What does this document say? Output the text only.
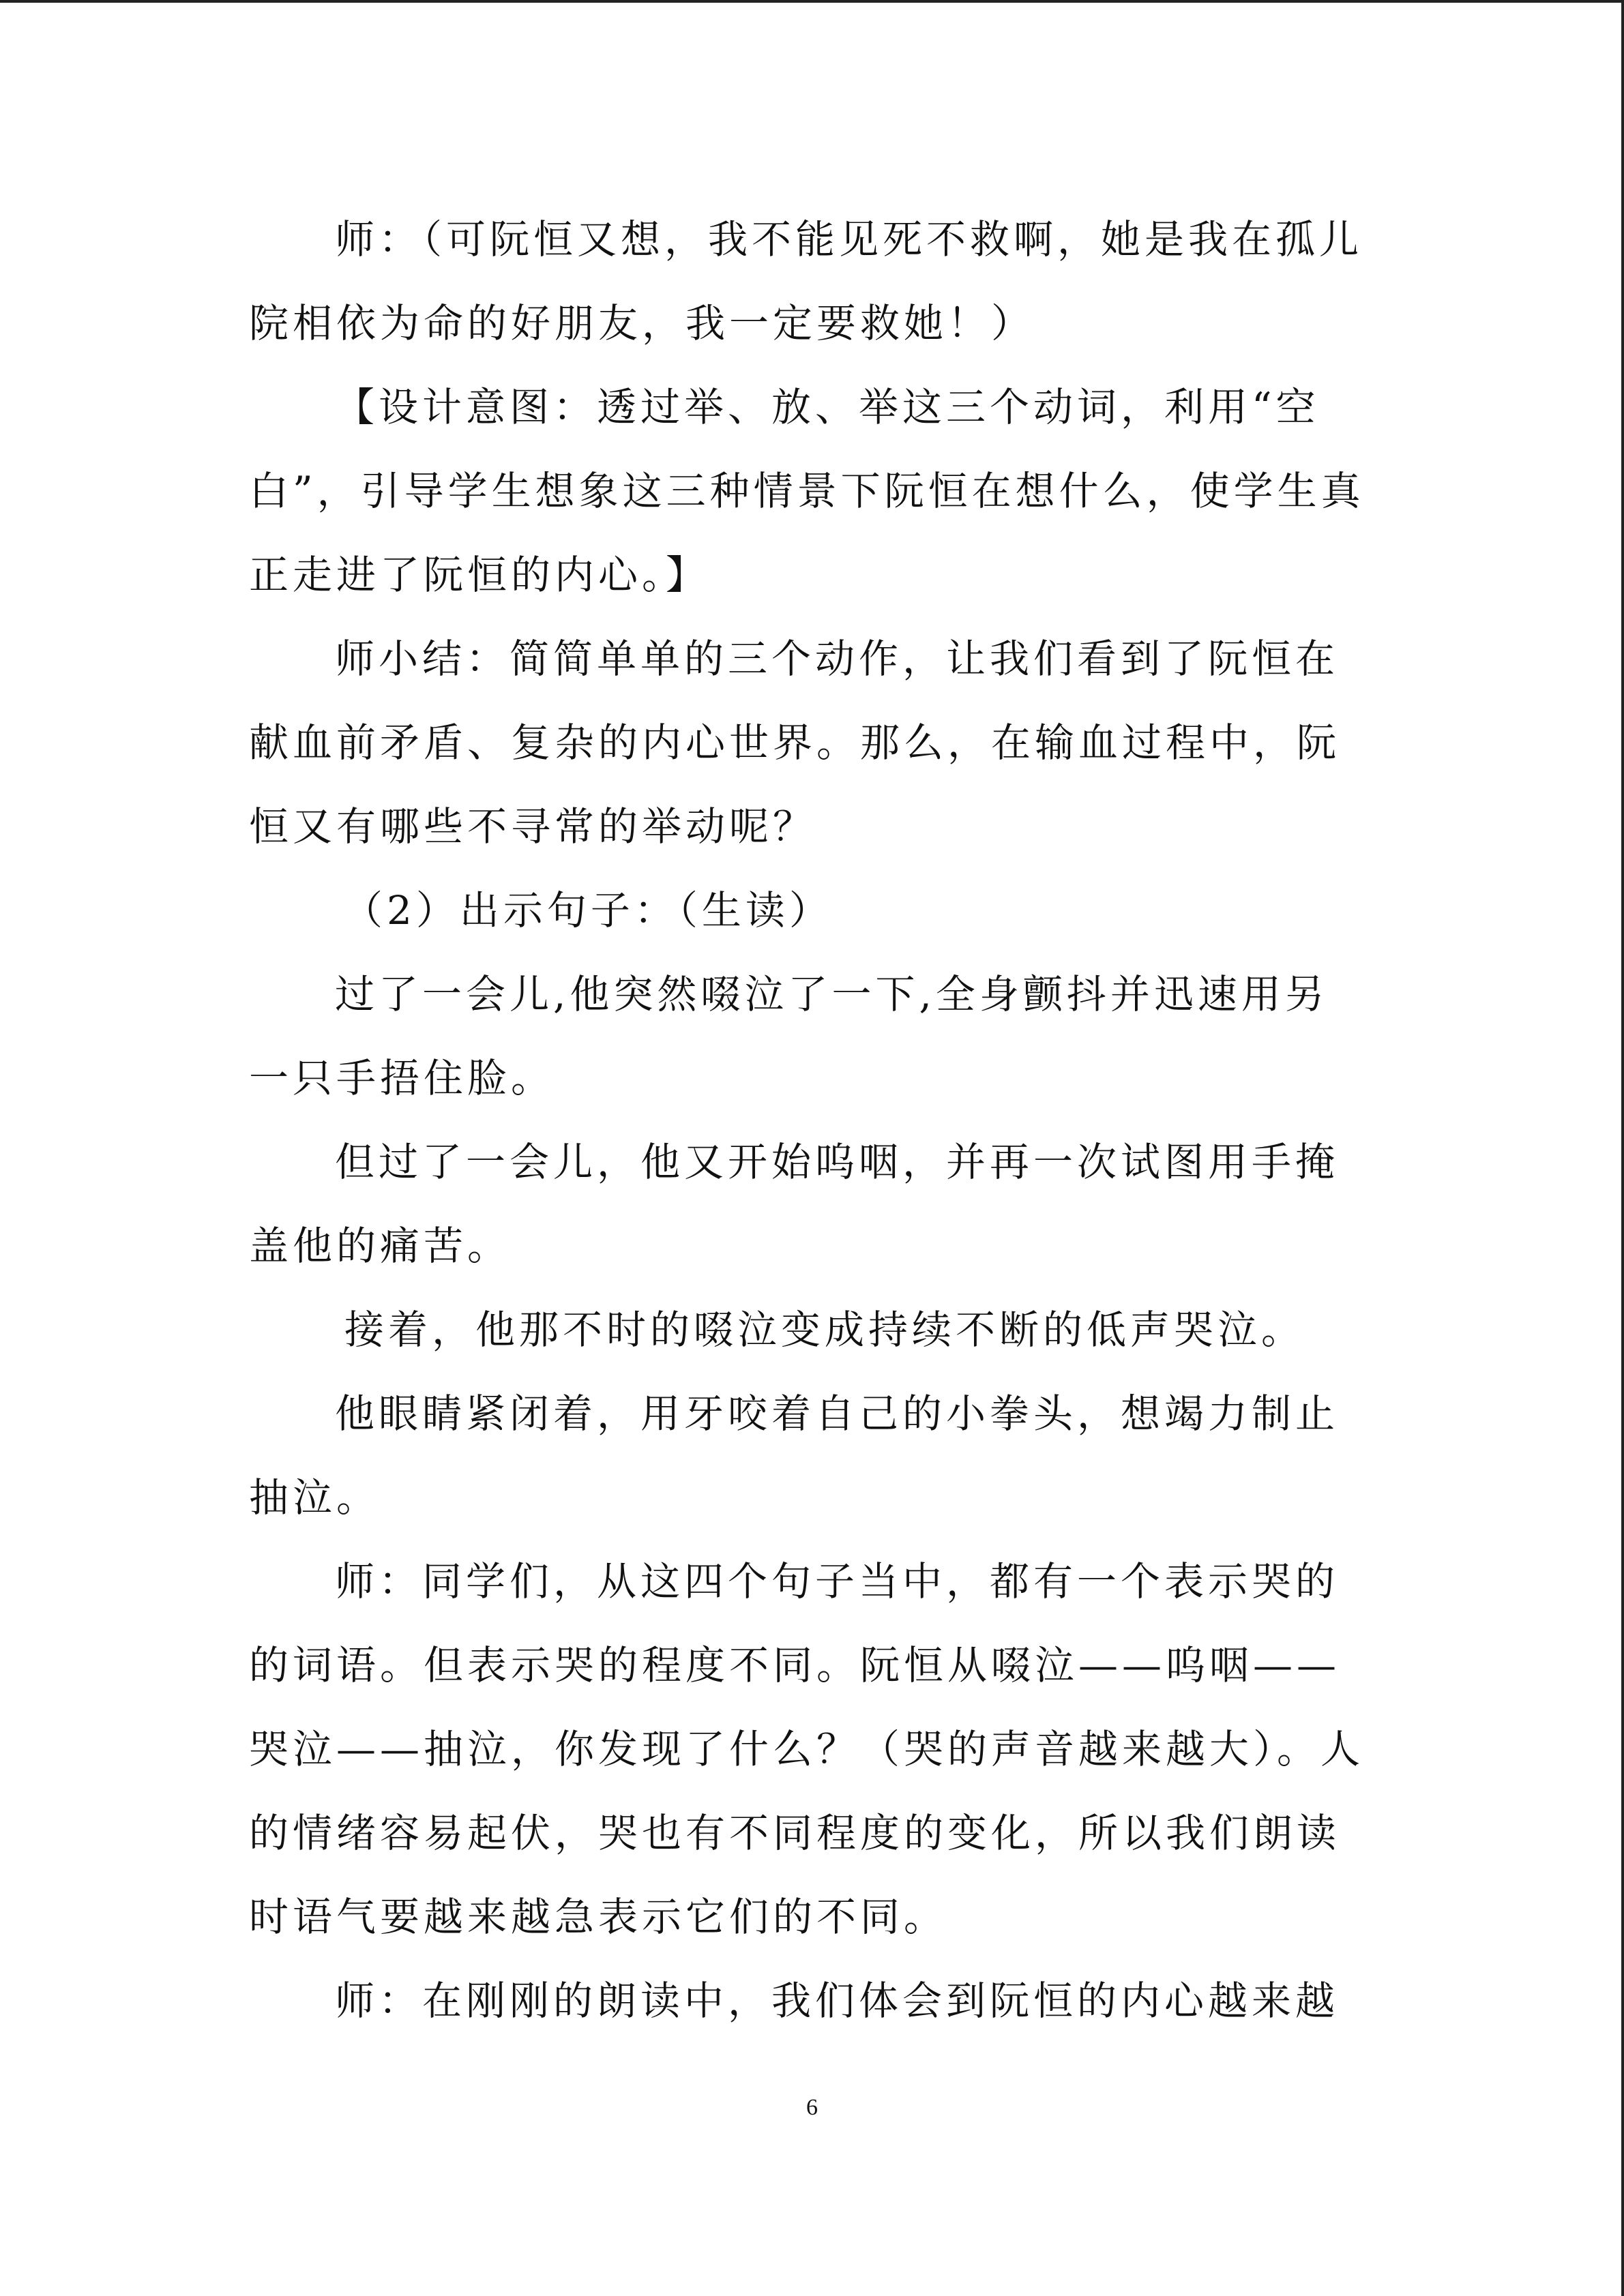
师：（可阮恒又想，我不能见死不救啊，她是我在孤儿院相依为命的好朋友，我一定要救她！）

【设计意图：透过举、放、举这三个动词，利用“空白”，引导学生想象这三种情景下阮恒在想什么，使学生真正走进了阮恒的内心。】

师小结：简简单单的三个动作，让我们看到了阮恒在献血前矛盾、复杂的内心世界。那么，在输血过程中，阮恒又有哪些不寻常的举动呢？

（2）出示句子：（生读）

过了一会儿,他突然啜泣了一下,全身颤抖并迅速用另一只手捂住脸。

但过了一会儿，他又开始呜咽，并再一次试图用手掩盖他的痛苦。

接着，他那不时的啜泣变成持续不断的低声哭泣。

他眼睛紧闭着，用牙咬着自己的小拳头，想竭力制止抽泣。

师：同学们，从这四个句子当中，都有一个表示哭的的词语。但表示哭的程度不同。阮恒从啜泣——呜咽——哭泣——抽泣，你发现了什么？（哭的声音越来越大）。人的情绪容易起伏，哭也有不同程度的变化，所以我们朗读时语气要越来越急表示它们的不同。

师：在刚刚的朗读中，我们体会到阮恒的内心越来越

6
